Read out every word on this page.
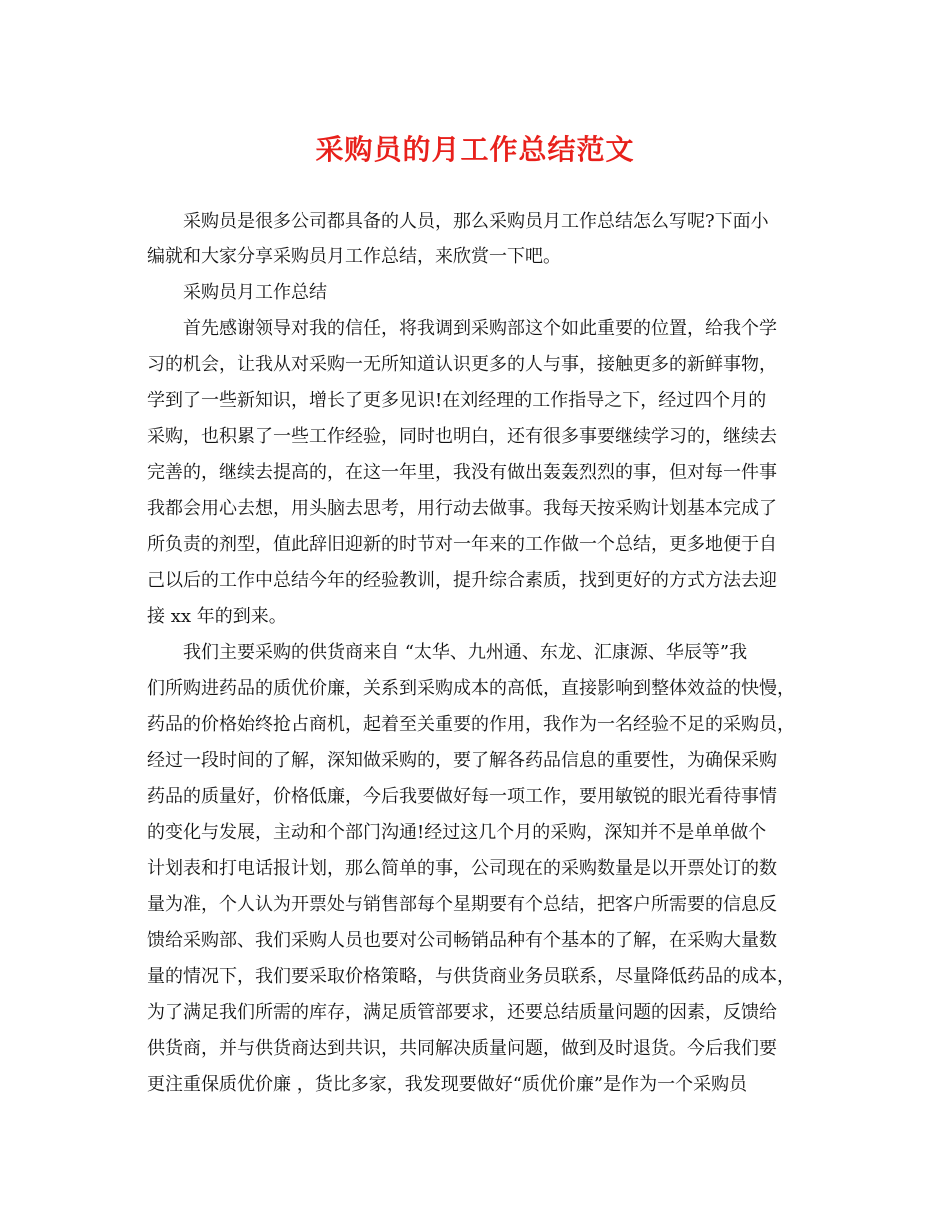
采购员的月工作总结范文
采购员是很多公司都具备的人员，那么采购员月工作总结怎么写呢?下面小
编就和大家分享采购员月工作总结，来欣赏一下吧。
采购员月工作总结
首先感谢领导对我的信任，将我调到采购部这个如此重要的位置，给我个学
习的机会，让我从对采购一无所知道认识更多的人与事，接触更多的新鲜事物，
学到了一些新知识，增长了更多见识!在刘经理的工作指导之下，经过四个月的
采购，也积累了一些工作经验，同时也明白，还有很多事要继续学习的，继续去
完善的，继续去提高的，在这一年里，我没有做出轰轰烈烈的事，但对每一件事
我都会用心去想，用头脑去思考，用行动去做事。我每天按采购计划基本完成了
所负责的剂型，值此辞旧迎新的时节对一年来的工作做一个总结，更多地便于自
己以后的工作中总结今年的经验教训，提升综合素质，找到更好的方式方法去迎
接 xx 年的到来。
我们主要采购的供货商来自 “太华、九州通、东龙、汇康源、华辰等”我
们所购进药品的质优价廉，关系到采购成本的高低，直接影响到整体效益的快慢，
药品的价格始终抢占商机，起着至关重要的作用，我作为一名经验不足的采购员，
经过一段时间的了解，深知做采购的，要了解各药品信息的重要性，为确保采购
药品的质量好，价格低廉，今后我要做好每一项工作，要用敏锐的眼光看待事情
的变化与发展，主动和个部门沟通!经过这几个月的采购，深知并不是单单做个
计划表和打电话报计划，那么简单的事，公司现在的采购数量是以开票处订的数
量为准，个人认为开票处与销售部每个星期要有个总结，把客户所需要的信息反
馈给采购部、我们采购人员也要对公司畅销品种有个基本的了解，在采购大量数
量的情况下，我们要采取价格策略，与供货商业务员联系，尽量降低药品的成本，
为了满足我们所需的库存，满足质管部要求，还要总结质量问题的因素，反馈给
供货商，并与供货商达到共识，共同解决质量问题，做到及时退货。今后我们要
更注重保质优价廉 ，货比多家，我发现要做好“质优价廉”是作为一个采购员
